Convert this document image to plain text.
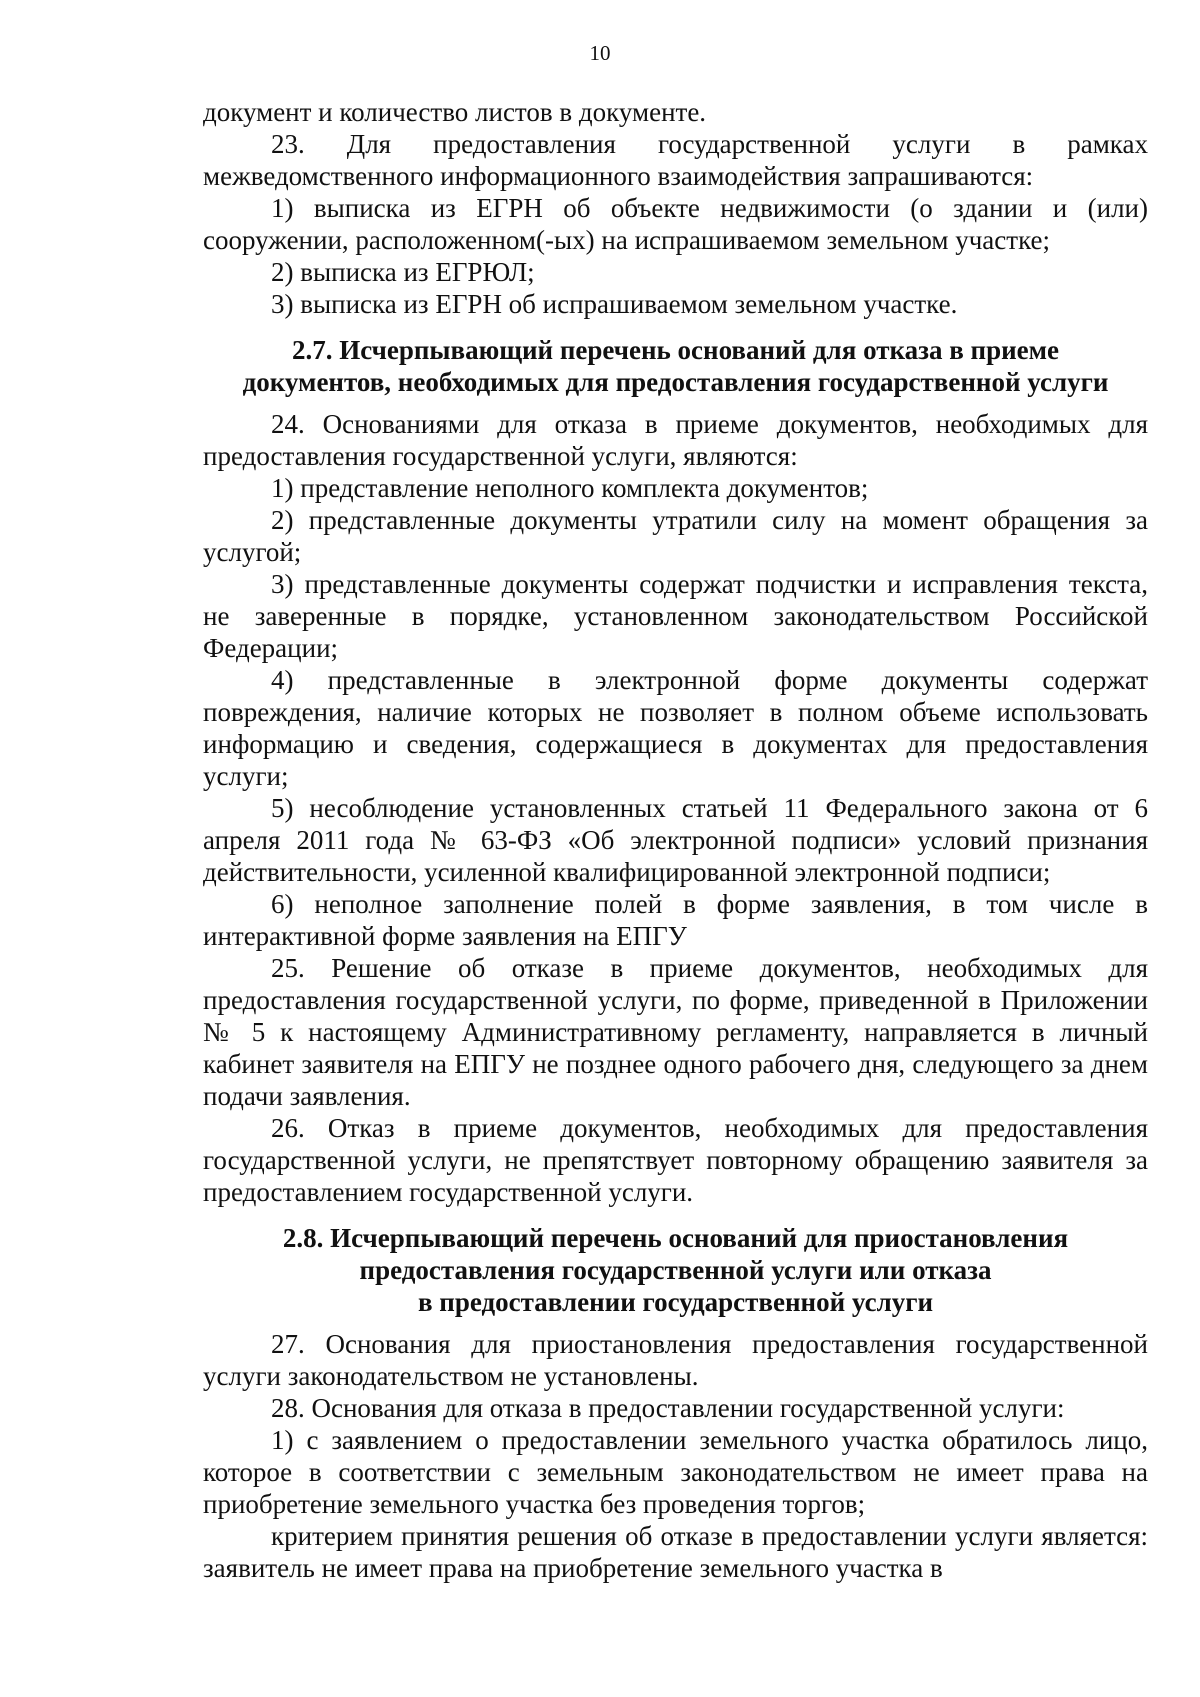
10

документ и количество листов в документе.

23. Для предоставления государственной услуги в рамках межведомственного информационного взаимодействия запрашиваются:

1) выписка из ЕГРН об объекте недвижимости (о здании и (или) сооружении, расположенном(-ых) на испрашиваемом земельном участке;

2) выписка из ЕГРЮЛ;

3) выписка из ЕГРН об испрашиваемом земельном участке.

2.7. Исчерпывающий перечень оснований для отказа в приеме
документов, необходимых для предоставления государственной услуги

24. Основаниями для отказа в приеме документов, необходимых для предоставления государственной услуги, являются:

1) представление неполного комплекта документов;

2) представленные документы утратили силу на момент обращения за услугой;

3) представленные документы содержат подчистки и исправления текста, не заверенные в порядке, установленном законодательством Российской Федерации;

4) представленные в электронной форме документы содержат повреждения, наличие которых не позволяет в полном объеме использовать информацию и сведения, содержащиеся в документах для предоставления услуги;

5) несоблюдение установленных статьей 11 Федерального закона от 6 апреля 2011 года № 63-ФЗ «Об электронной подписи» условий признания действительности, усиленной квалифицированной электронной подписи;

6) неполное заполнение полей в форме заявления, в том числе в интерактивной форме заявления на ЕПГУ

25. Решение об отказе в приеме документов, необходимых для предоставления государственной услуги, по форме, приведенной в Приложении № 5 к настоящему Административному регламенту, направляется в личный кабинет заявителя на ЕПГУ не позднее одного рабочего дня, следующего за днем подачи заявления.

26. Отказ в приеме документов, необходимых для предоставления государственной услуги, не препятствует повторному обращению заявителя за предоставлением государственной услуги.

2.8. Исчерпывающий перечень оснований для приостановления
предоставления государственной услуги или отказа
в предоставлении государственной услуги

27. Основания для приостановления предоставления государственной услуги законодательством не установлены.

28. Основания для отказа в предоставлении государственной услуги:

1) с заявлением о предоставлении земельного участка обратилось лицо, которое в соответствии с земельным законодательством не имеет права на приобретение земельного участка без проведения торгов;

критерием принятия решения об отказе в предоставлении услуги является: заявитель не имеет права на приобретение земельного участка в
